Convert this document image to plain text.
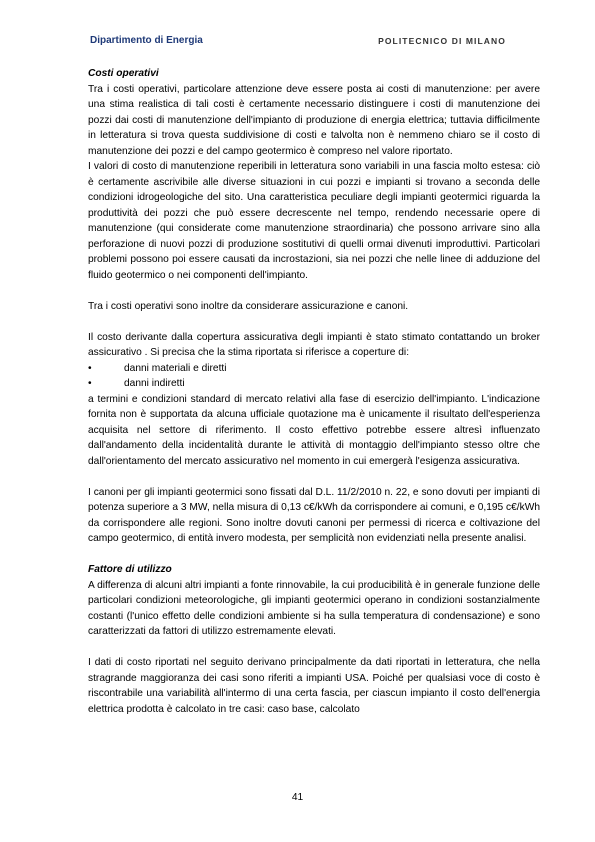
Dipartimento di Energia	POLITECNICO DI MILANO
Costi operativi

Tra i costi operativi, particolare attenzione deve essere posta ai costi di manutenzione: per avere una stima realistica di tali costi è certamente necessario distinguere i costi di manutenzione dei pozzi dai costi di manutenzione dell'impianto di produzione di energia elettrica; tuttavia difficilmente in letteratura si trova questa suddivisione di costi e talvolta non è nemmeno chiaro se il costo di manutenzione dei pozzi e del campo geotermico è compreso nel valore riportato.

I valori di costo di manutenzione reperibili in letteratura sono variabili in una fascia molto estesa: ciò è certamente ascrivibile alle diverse situazioni in cui pozzi e impianti si trovano a seconda delle condizioni idrogeologiche del sito. Una caratteristica peculiare degli impianti geotermici riguarda la produttività dei pozzi che può essere decrescente nel tempo, rendendo necessarie opere di manutenzione (qui considerate come manutenzione straordinaria) che possono arrivare sino alla perforazione di nuovi pozzi di produzione sostitutivi di quelli ormai divenuti improduttivi. Particolari problemi possono poi essere causati da incrostazioni, sia nei pozzi che nelle linee di adduzione del fluido geotermico o nei componenti dell'impianto.

Tra i costi operativi sono inoltre da considerare assicurazione e canoni.

Il costo derivante dalla copertura assicurativa degli impianti è stato stimato contattando un broker assicurativo . Si precisa che la stima riportata si riferisce a coperture di:

•	danni materiali e diretti
•	danni indiretti

a termini e condizioni standard di mercato relativi alla fase di esercizio dell'impianto. L'indicazione fornita non è supportata da alcuna ufficiale quotazione ma è unicamente il risultato dell'esperienza acquisita nel settore di riferimento. Il costo effettivo potrebbe essere altresì influenzato dall'andamento della incidentalità durante le attività di montaggio dell'impianto stesso oltre che dall'orientamento del mercato assicurativo nel momento in cui emergerà l'esigenza assicurativa.

I canoni per gli impianti geotermici sono fissati dal D.L. 11/2/2010 n. 22, e sono dovuti per impianti di potenza superiore a 3 MW, nella misura di 0,13 c€/kWh da corrispondere ai comuni, e 0,195 c€/kWh da corrispondere alle regioni. Sono inoltre dovuti canoni per permessi di ricerca e coltivazione del campo geotermico, di entità invero modesta, per semplicità non evidenziati nella presente analisi.

Fattore di utilizzo

A differenza di alcuni altri impianti a fonte rinnovabile, la cui producibilità è in generale funzione delle particolari condizioni meteorologiche, gli impianti geotermici operano in condizioni sostanzialmente costanti (l'unico effetto delle condizioni ambiente si ha sulla temperatura di condensazione) e sono caratterizzati da fattori di utilizzo estremamente elevati.

I dati di costo riportati nel seguito derivano principalmente da dati riportati in letteratura, che nella stragrande maggioranza dei casi sono riferiti a impianti USA. Poiché per qualsiasi voce di costo è riscontrabile una variabilità all'intermo di una certa fascia, per ciascun impianto il costo dell'energia elettrica prodotta è calcolato in tre casi: caso base, calcolato

41
